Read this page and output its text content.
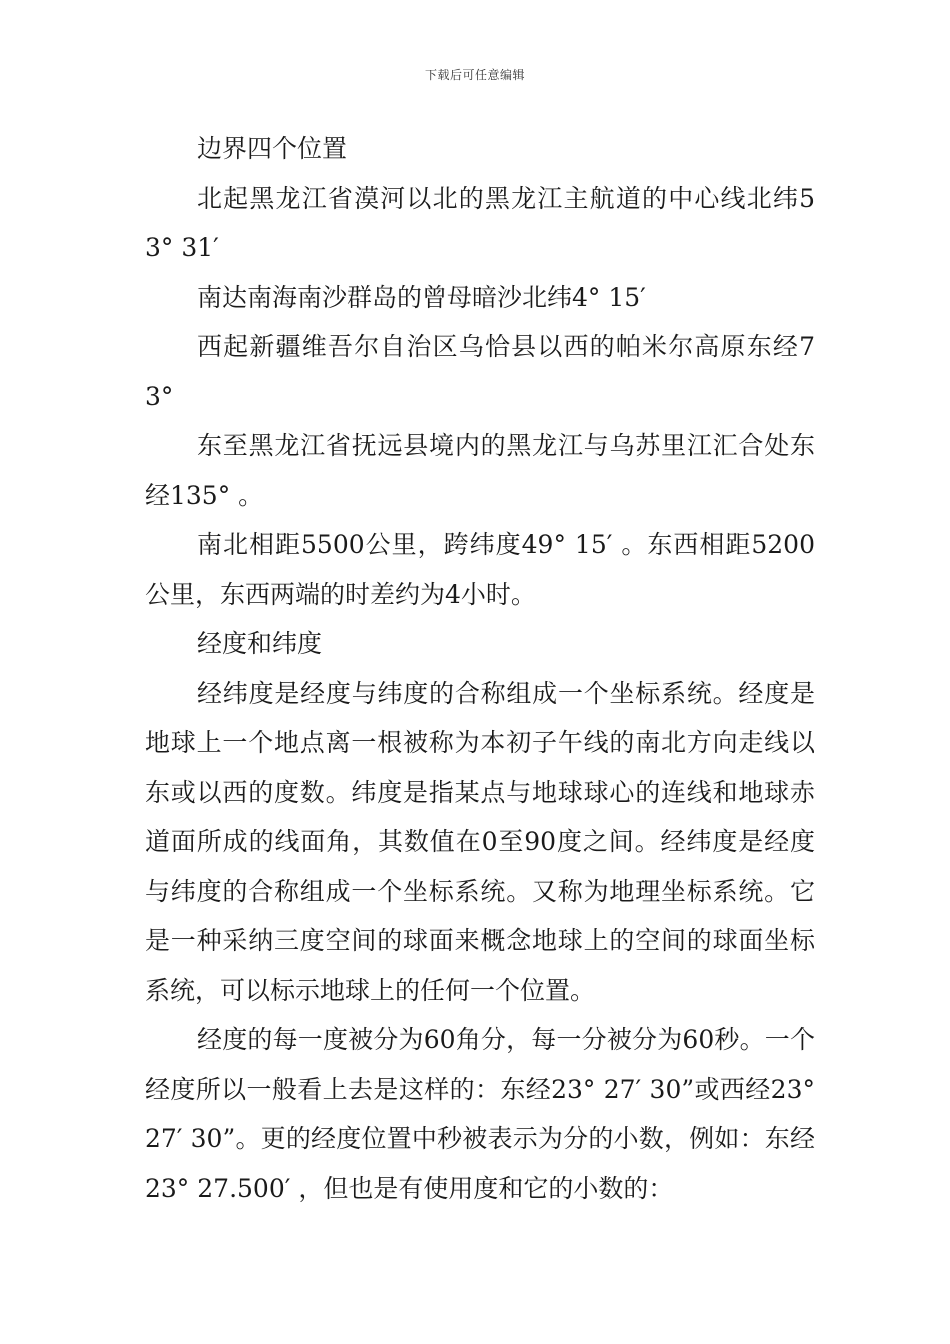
下载后可任意编辑

边界四个位置

北起黑龙江省漠河以北的黑龙江主航道的中心线北纬53° 31′

南达南海南沙群岛的曾母暗沙北纬4° 15′

西起新疆维吾尔自治区乌恰县以西的帕米尔高原东经73°

东至黑龙江省抚远县境内的黑龙江与乌苏里江汇合处东经135° 。

南北相距5500公里，跨纬度49° 15′ 。东西相距5200公里，东西两端的时差约为4小时。

经度和纬度

经纬度是经度与纬度的合称组成一个坐标系统。经度是地球上一个地点离一根被称为本初子午线的南北方向走线以东或以西的度数。纬度是指某点与地球球心的连线和地球赤道面所成的线面角，其数值在0至90度之间。经纬度是经度与纬度的合称组成一个坐标系统。又称为地理坐标系统。它是一种采纳三度空间的球面来概念地球上的空间的球面坐标系统，可以标示地球上的任何一个位置。

经度的每一度被分为60角分，每一分被分为60秒。一个经度所以一般看上去是这样的：东经23° 27′ 30”或西经23° 27′ 30”。更的经度位置中秒被表示为分的小数，例如：东经23° 27.500′ ，但也是有使用度和它的小数的：
